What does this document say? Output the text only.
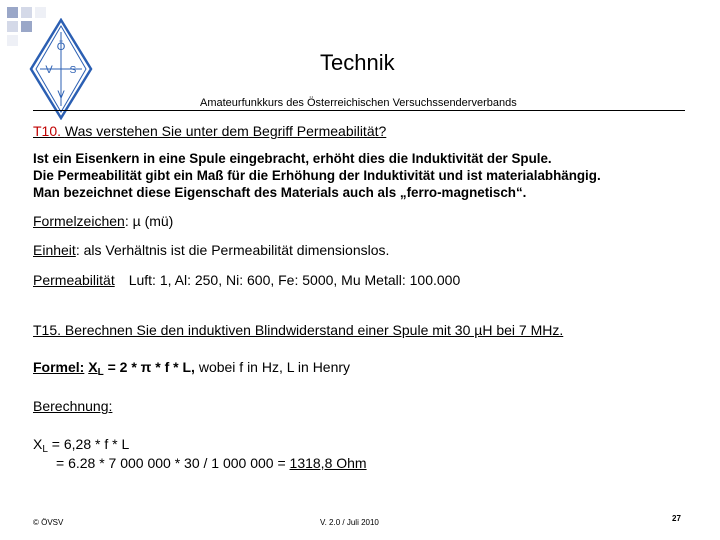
Ö
V S
V
Technik
Amateurfunkkurs des Österreichischen Versuchssenderverbands
T10. Was verstehen Sie unter dem Begriff Permeabilität?
Ist ein Eisenkern in eine Spule eingebracht, erhöht dies die Induktivität der Spule.
Die Permeabilität gibt ein Maß für die Erhöhung der Induktivität und ist materialabhängig.
Man bezeichnet diese Eigenschaft des Materials auch als „ferro-magnetisch“.
Formelzeichen: µ (mü)
Einheit: als Verhältnis ist die Permeabilität dimensionslos.
Permeabilität Luft: 1, Al: 250, Ni: 600, Fe: 5000, Mu Metall: 100.000
T15. Berechnen Sie den induktiven Blindwiderstand einer Spule mit 30 µH bei 7 MHz.
Formel: $X_L = 2 * \pi * f * L$, wobei f in Hz, L in Henry
Berechnung:
$X_L = 6,28 * f * L$
= 6.28 * 7 000 000 * 30 / 1 000 000 = 1318,8 Ohm
© ÖVSV	V. 2.0 / Juli 2010	27
